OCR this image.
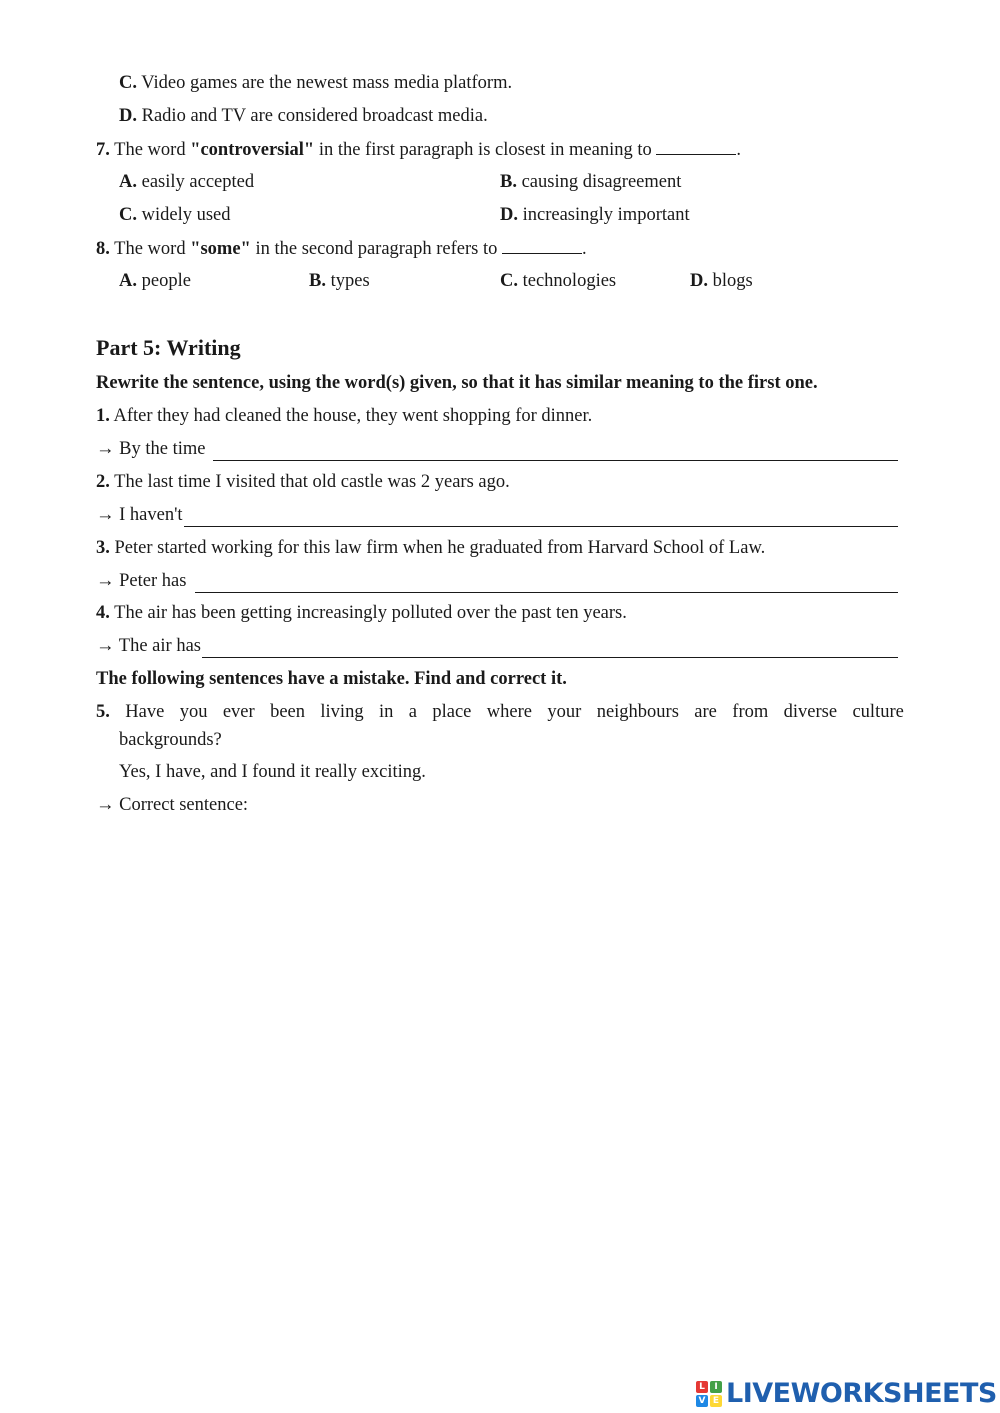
C. Video games are the newest mass media platform.
D. Radio and TV are considered broadcast media.
7. The word "controversial" in the first paragraph is closest in meaning to	.
A. easily accepted	B. causing disagreement
C. widely used	D. increasingly important
8. The word "some" in the second paragraph refers to	.
A. people	B. types	C. technologies	D. blogs
Part 5: Writing
Rewrite the sentence, using the word(s) given, so that it has similar meaning to the first one.
1. After they had cleaned the house, they went shopping for dinner.
→ By the time
2. The last time I visited that old castle was 2 years ago.
→ I haven't
3. Peter started working for this law firm when he graduated from Harvard School of Law.
→ Peter has
4. The air has been getting increasingly polluted over the past ten years.
→ The air has
The following sentences have a mistake. Find and correct it.
5. Have you ever been living in a place where your neighbours are from diverse culture
backgrounds?
Yes, I have, and I found it really exciting.
→ Correct sentence:
L	I
V E LIVEWORKSHEETS
